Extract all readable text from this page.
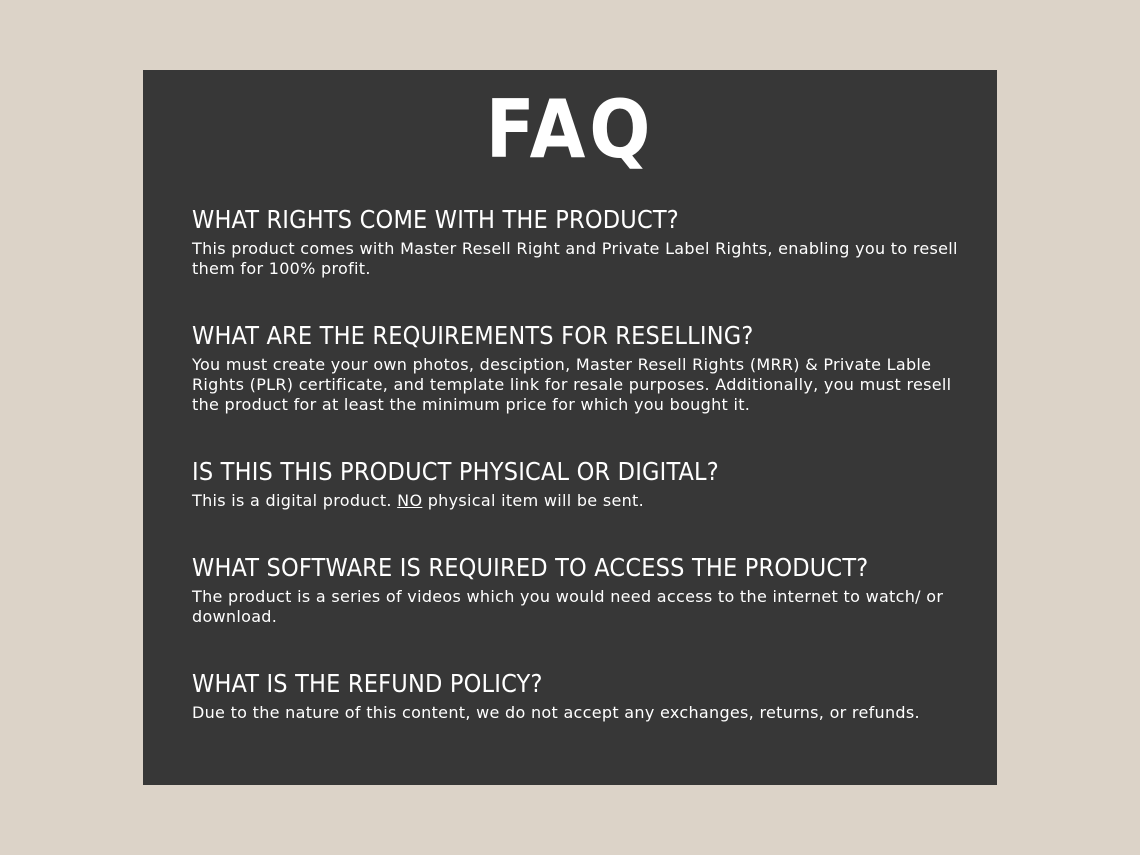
FAQ
WHAT RIGHTS COME WITH THE PRODUCT?

This product comes with Master Resell Right and Private Label Rights, enabling you to resell them for 100% profit.

WHAT ARE THE REQUIREMENTS FOR RESELLING?

You must create your own photos, desciption, Master Resell Rights (MRR) & Private Lable Rights (PLR) certificate, and template link for resale purposes. Additionally, you must resell the product for at least the minimum price for which you bought it.

IS THIS THIS PRODUCT PHYSICAL OR DIGITAL?

This is a digital product. NO physical item will be sent.

WHAT SOFTWARE IS REQUIRED TO ACCESS THE PRODUCT?

The product is a series of videos which you would need access to the internet to watch/ or download.

WHAT IS THE REFUND POLICY?

Due to the nature of this content, we do not accept any exchanges, returns, or refunds.
